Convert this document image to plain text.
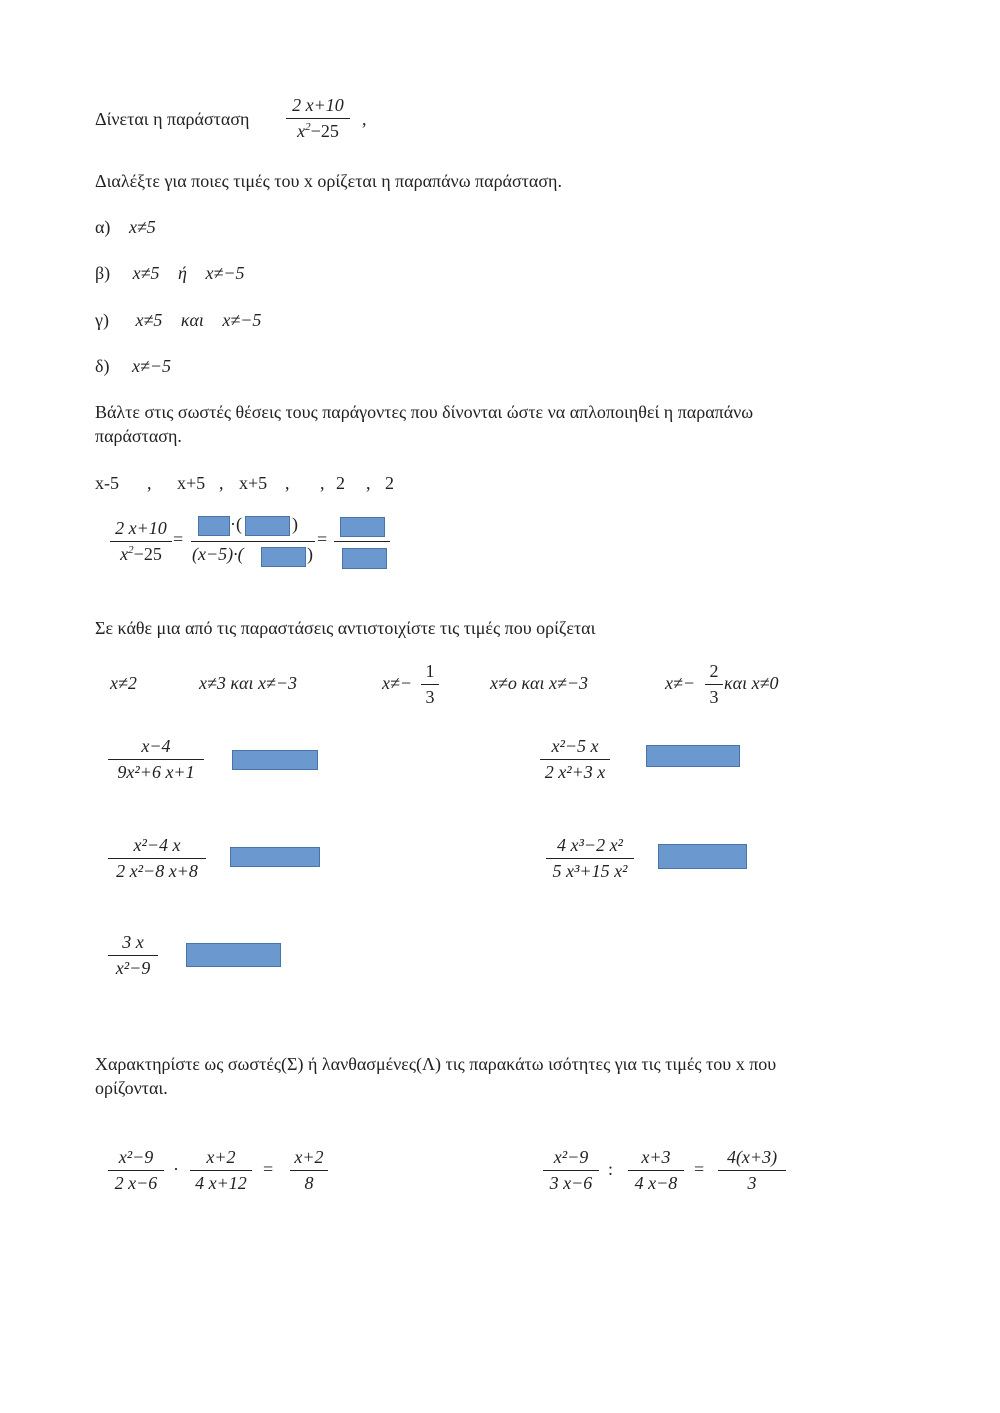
Δίνεται η παράσταση
2 x+10
$x^2-25$
,
Διαλέξτε για ποιες τιμές του x ορίζεται η παραπάνω παράσταση.
α) x≠5
β) x≠5 ή x≠−5
γ) x≠5 και x≠−5
δ) x≠−5
Βάλτε στις σωστές θέσεις τους παράγοντες που δίνονται ώστε να απλοποιηθεί η παραπάνω
παράσταση.
x-5 , x+5 , x+5 , , 2 , 2
2 x+10
$x^2-25$
=
·(	)
(x−5)·(	)
=
Σε κάθε μια από τις παραστάσεις αντιστοιχίστε τις τιμές που ορίζεται
x≠2	x≠3 και x≠−3	x≠−
1
3
x≠o και x≠−3	x≠−
2
3
και x≠0
x−4
9x²+6 x+1
x²−5 x
2 x²+3 x
x²−4 x
2 x²−8 x+8
4 x³−2 x²
5 x³+15 x²
3 x
x²−9
Χαρακτηρίστε ως σωστές(Σ) ή λανθασμένες(Λ) τις παρακάτω ισότητες για τις τιμές του x που
ορίζονται.
x²−9
2 x−6
·
x+2
4 x+12
=
x+2
8
x²−9
3 x−6
:
x+3
4 x−8
=
4(x+3)
3
